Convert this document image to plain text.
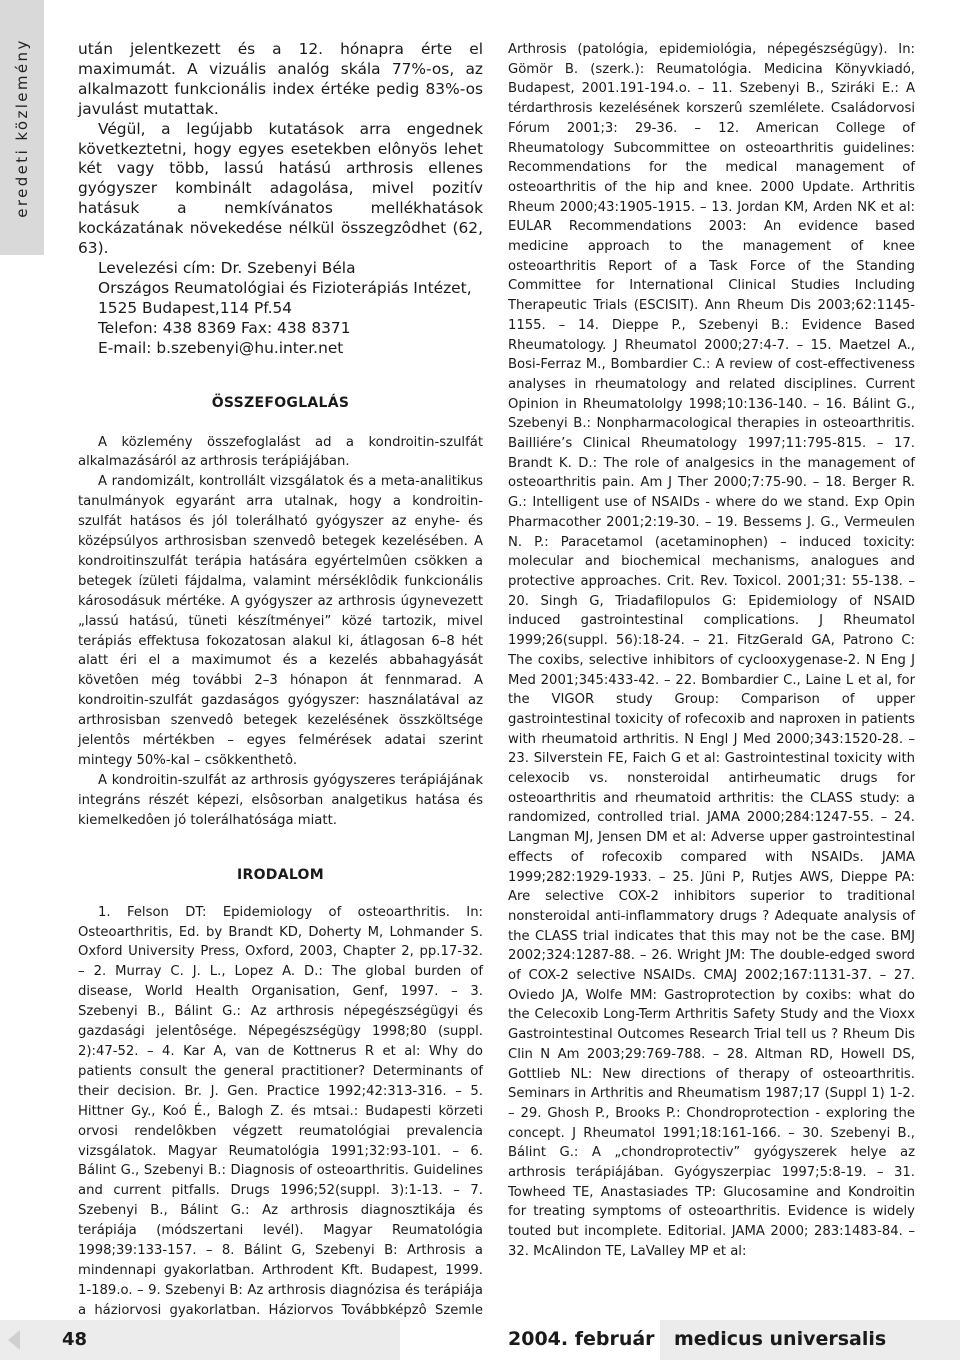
eredeti közlemény	után jelentkezett és a 12. hónapra érte el maximumát. A vizuális analóg skála 77%-os, az alkalmazott funkcionális index értéke pedig 83%-os javulást mutattak.

Végül, a legújabb kutatások arra engednek következtetni, hogy egyes esetekben elônyös lehet két vagy több, lassú hatású arthrosis ellenes gyógyszer kombinált adagolása, mivel pozitív hatásuk a nemkívánatos mellékhatások kockázatának növekedése nélkül összegzôdhet (62, 63).

Levelezési cím: Dr. Szebenyi Béla
Országos Reumatológiai és Fizioterápiás Intézet,
1525 Budapest,114 Pf.54
Telefon: 438 8369 Fax: 438 8371
E-mail: b.szebenyi@hu.inter.net
ÖSSZEFOGLALÁS

A közlemény összefoglalást ad a kondroitin-szulfát alkalmazásáról az arthrosis terápiájában.

A randomizált, kontrollált vizsgálatok és a meta-analitikus tanulmányok egyaránt arra utalnak, hogy a kondroitin-szulfát hatásos és jól tolerálható gyógyszer az enyhe- és középsúlyos arthrosisban szenvedô betegek kezelésében. A kondroitinszulfát terápia hatására egyértelmûen csökken a betegek ízületi fájdalma, valamint mérséklôdik funkcionális károsodásuk mértéke. A gyógyszer az arthrosis úgynevezett „lassú hatású, tüneti készítményei” közé tartozik, mivel terápiás effektusa fokozatosan alakul ki, átlagosan 6–8 hét alatt éri el a maximumot és a kezelés abbahagyását követôen még további 2–3 hónapon át fennmarad. A kondroitin-szulfát gazdaságos gyógyszer: használatával az arthrosisban szenvedô betegek kezelésének összköltsége jelentôs mértékben – egyes felmérések adatai szerint mintegy 50%-kal – csökkenthetô.

A kondroitin-szulfát az arthrosis gyógyszeres terápiájának integráns részét képezi, elsôsorban analgetikus hatása és kiemelkedôen jó tolerálhatósága miatt.

IRODALOM

1. Felson DT: Epidemiology of osteoarthritis. In: Osteoarthritis, Ed. by Brandt KD, Doherty M, Lohmander S. Oxford University Press, Oxford, 2003, Chapter 2, pp.17-32. – 2. Murray C. J. L., Lopez A. D.: The global burden of disease, World Health Organisation, Genf, 1997. – 3. Szebenyi B., Bálint G.: Az arthrosis népegészségügyi és gazdasági jelentôsége. Népegészségügy 1998;80 (suppl. 2):47-52. – 4. Kar A, van de Kottnerus R et al: Why do patients consult the general practitioner? Determinants of their decision. Br. J. Gen. Practice 1992;42:313-316. – 5. Hittner Gy., Koó É., Balogh Z. és mtsai.: Budapesti körzeti orvosi rendelôkben végzett reumatológiai prevalencia vizsgálatok. Magyar Reumatológia 1991;32:93-101. – 6. Bálint G., Szebenyi B.: Diagnosis of osteoarthritis. Guidelines and current pitfalls. Drugs 1996;52(suppl. 3):1-13. – 7. Szebenyi B., Bálint G.: Az arthrosis diagnosztikája és terápiája (módszertani levél). Magyar Reumatológia 1998;39:133-157. – 8. Bálint G, Szebenyi B: Arthrosis a mindennapi gyakorlatban. Arthrodent Kft. Budapest, 1999. 1-189.o. – 9. Szebenyi B: Az arthrosis diagnózisa és terápiája a háziorvosi gyakorlatban. Háziorvos Továbbképzô Szemle

Arthrosis (patológia, epidemiológia, népegészségügy). In: Gömör B. (szerk.): Reumatológia. Medicina Könyvkiadó, Budapest, 2001.191-194.o. – 11. Szebenyi B., Sziráki E.: A térdarthrosis kezelésének korszerû szemlélete. Családorvosi Fórum 2001;3: 29-36. – 12. American College of Rheumatology Subcommittee on osteoarthritis guidelines: Recommendations for the medical management of osteoarthritis of the hip and knee. 2000 Update. Arthritis Rheum 2000;43:1905-1915. – 13. Jordan KM, Arden NK et al: EULAR Recommendations 2003: An evidence based medicine approach to the management of knee osteoarthritis Report of a Task Force of the Standing Committee for International Clinical Studies Including Therapeutic Trials (ESCISIT). Ann Rheum Dis 2003;62:1145-1155. – 14. Dieppe P., Szebenyi B.: Evidence Based Rheumatology. J Rheumatol 2000;27:4-7. – 15. Maetzel A., Bosi-Ferraz M., Bombardier C.: A review of cost-effectiveness analyses in rheumatology and related disciplines. Current Opinion in Rheumatololgy 1998;10:136-140. – 16. Bálint G., Szebenyi B.: Nonpharmacological therapies in osteoarthritis. Bailliére’s Clinical Rheumatology 1997;11:795-815. – 17. Brandt K. D.: The role of analgesics in the management of osteoarthritis pain. Am J Ther 2000;7:75-90. – 18. Berger R. G.: Intelligent use of NSAIDs - where do we stand. Exp Opin Pharmacother 2001;2:19-30. – 19. Bessems J. G., Vermeulen N. P.: Paracetamol (acetaminophen) – induced toxicity: molecular and biochemical mechanisms, analogues and protective approaches. Crit. Rev. Toxicol. 2001;31: 55-138. – 20. Singh G, Triadafilopulos G: Epidemiology of NSAID induced gastrointestinal complications. J Rheumatol 1999;26(suppl. 56):18-24. – 21. FitzGerald GA, Patrono C: The coxibs, selective inhibitors of cyclooxygenase-2. N Eng J Med 2001;345:433-42. – 22. Bombardier C., Laine L et al, for the VIGOR study Group: Comparison of upper gastrointestinal toxicity of rofecoxib and naproxen in patients with rheumatoid arthritis. N Engl J Med 2000;343:1520-28. – 23. Silverstein FE, Faich G et al: Gastrointestinal toxicity with celexocib vs. nonsteroidal antirheumatic drugs for osteoarthritis and rheumatoid arthritis: the CLASS study: a randomized, controlled trial. JAMA 2000;284:1247-55. – 24. Langman MJ, Jensen DM et al: Adverse upper gastrointestinal effects of rofecoxib compared with NSAIDs. JAMA 1999;282:1929-1933. – 25. Jüni P, Rutjes AWS, Dieppe PA: Are selective COX-2 inhibitors superior to traditional nonsteroidal anti-inflammatory drugs ? Adequate analysis of the CLASS trial indicates that this may not be the case. BMJ 2002;324:1287-88. – 26. Wright JM: The double-edged sword of COX-2 selective NSAIDs. CMAJ 2002;167:1131-37. – 27. Oviedo JA, Wolfe MM: Gastroprotection by coxibs: what do the Celecoxib Long-Term Arthritis Safety Study and the Vioxx Gastrointestinal Outcomes Research Trial tell us ? Rheum Dis Clin N Am 2003;29:769-788. – 28. Altman RD, Howell DS, Gottlieb NL: New directions of therapy of osteoarthritis. Seminars in Arthritis and Rheumatism 1987;17 (Suppl 1) 1-2. – 29. Ghosh P., Brooks P.: Chondroprotection - exploring the concept. J Rheumatol 1991;18:161-166. – 30. Szebenyi B., Bálint G.: A „chondroprotectiv” gyógyszerek helye az arthrosis terápiájában. Gyógyszerpiac 1997;5:8-19. – 31. Towheed TE, Anastasiades TP: Glucosamine and Kondroitin for treating symptoms of osteoarthritis. Evidence is widely touted but incomplete. Editorial. JAMA 2000; 283:1483-84. – 32. McAlindon TE, LaValley MP et al:

48	2004. február medicus universalis
